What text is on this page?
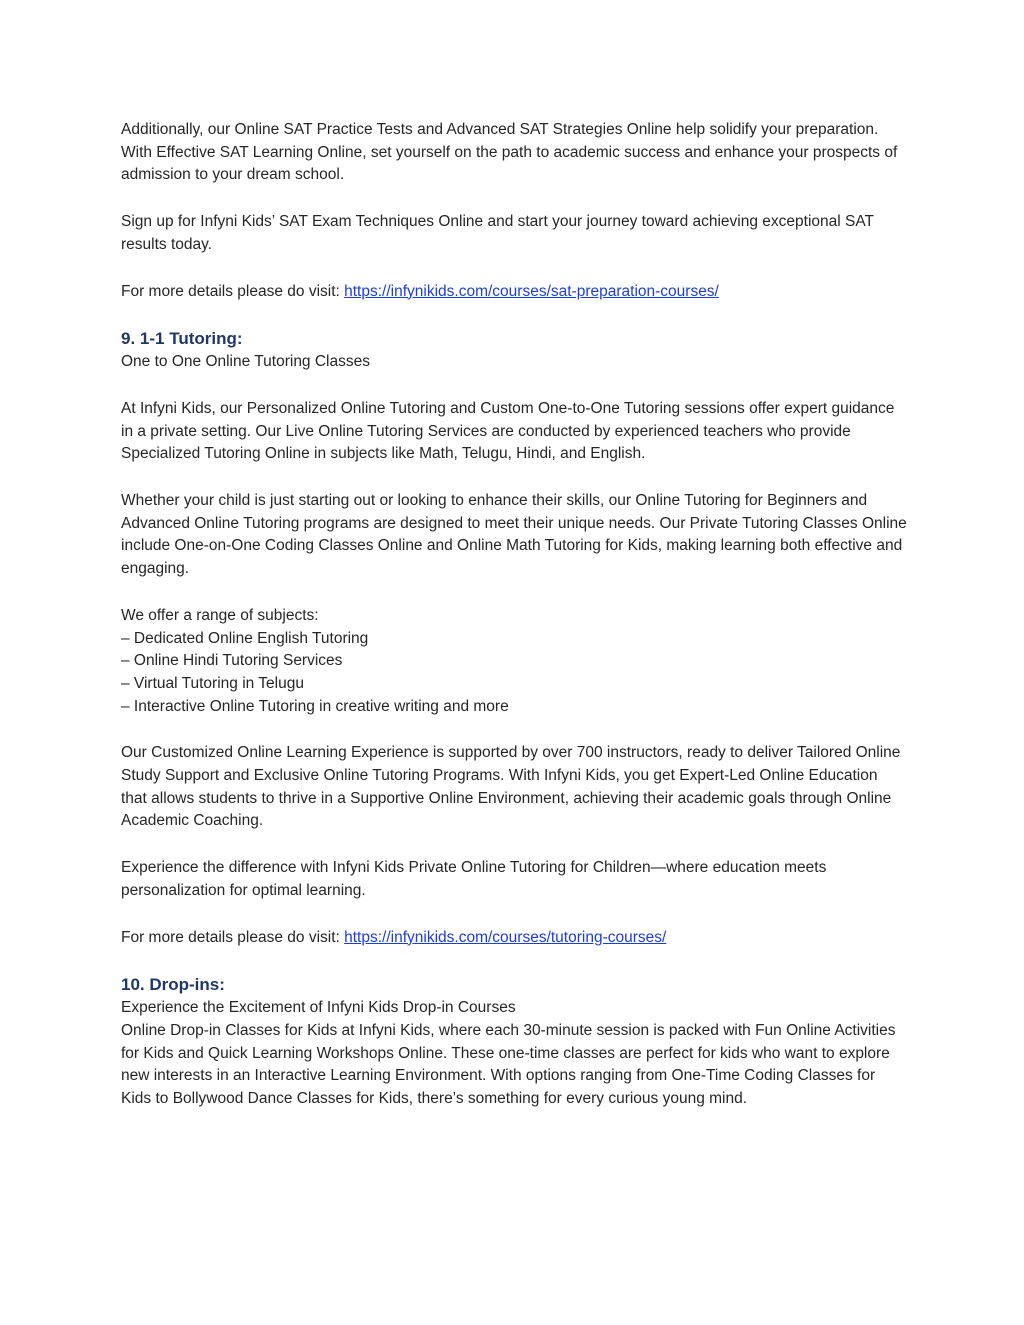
Additionally, our Online SAT Practice Tests and Advanced SAT Strategies Online help solidify your preparation. With Effective SAT Learning Online, set yourself on the path to academic success and enhance your prospects of admission to your dream school.

Sign up for Infyni Kids’ SAT Exam Techniques Online and start your journey toward achieving exceptional SAT results today.

For more details please do visit: https://infynikids.com/courses/sat-preparation-courses/

9. 1-1 Tutoring:

One to One Online Tutoring Classes

At Infyni Kids, our Personalized Online Tutoring and Custom One-to-One Tutoring sessions offer expert guidance in a private setting. Our Live Online Tutoring Services are conducted by experienced teachers who provide Specialized Tutoring Online in subjects like Math, Telugu, Hindi, and English.

Whether your child is just starting out or looking to enhance their skills, our Online Tutoring for Beginners and Advanced Online Tutoring programs are designed to meet their unique needs. Our Private Tutoring Classes Online include One-on-One Coding Classes Online and Online Math Tutoring for Kids, making learning both effective and engaging.

We offer a range of subjects:

– Dedicated Online English Tutoring
– Online Hindi Tutoring Services
– Virtual Tutoring in Telugu
– Interactive Online Tutoring in creative writing and more

Our Customized Online Learning Experience is supported by over 700 instructors, ready to deliver Tailored Online Study Support and Exclusive Online Tutoring Programs. With Infyni Kids, you get Expert-Led Online Education that allows students to thrive in a Supportive Online Environment, achieving their academic goals through Online Academic Coaching.

Experience the difference with Infyni Kids Private Online Tutoring for Children—where education meets personalization for optimal learning.

For more details please do visit: https://infynikids.com/courses/tutoring-courses/

10. Drop-ins:

Experience the Excitement of Infyni Kids Drop-in Courses

Online Drop-in Classes for Kids at Infyni Kids, where each 30-minute session is packed with Fun Online Activities for Kids and Quick Learning Workshops Online. These one-time classes are perfect for kids who want to explore new interests in an Interactive Learning Environment. With options ranging from One-Time Coding Classes for Kids to Bollywood Dance Classes for Kids, there’s something for every curious young mind.
